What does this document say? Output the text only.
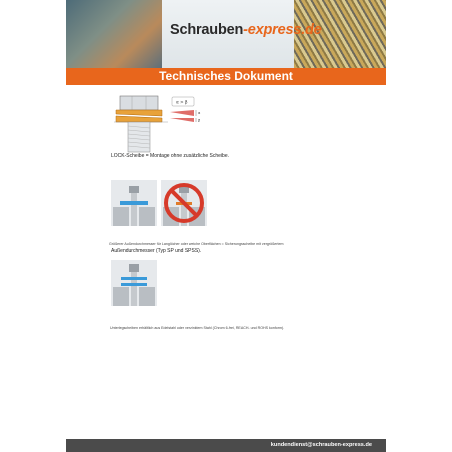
Schrauben-express.de
Technisches Dokument
α
β
α > β
LOCK-Scheibe = Montage ohne zusätzliche Scheibe.
Größerer Außendurchmesser für Langlöcher oder weiche Oberflächen = Sicherungsscheibe mit vergrößertem
Außendurchmesser (Typ SP und SPSS).
Unterlegscheiben erhältlich aus Edelstahl oder verzinktem Stahl (Chrom 6-frei, REACH- und ROHS konform).
kundendienst@schrauben-express.de
